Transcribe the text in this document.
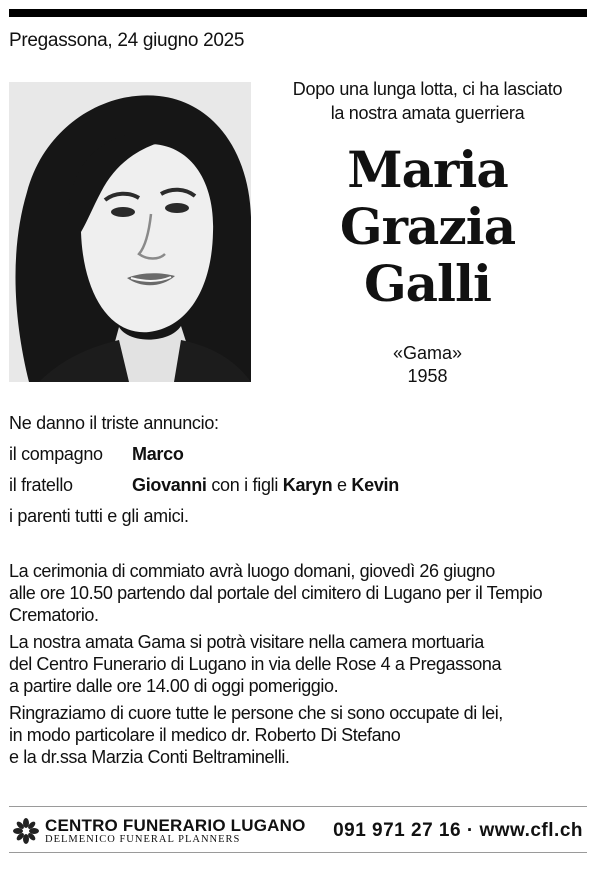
Pregassona, 24 giugno 2025
Dopo una lunga lotta, ci ha lasciato
la nostra amata guerriera
Maria
Grazia
Galli
«Gama»
1958
Ne danno il triste annuncio:
il compagno	Marco
il fratello	Giovanni con i figli Karyn e Kevin
i parenti tutti e gli amici.

La cerimonia di commiato avrà luogo domani, giovedì 26 giugno
alle ore 10.50 partendo dal portale del cimitero di Lugano per il Tempio
Crematorio.

La nostra amata Gama si potrà visitare nella camera mortuaria
del Centro Funerario di Lugano in via delle Rose 4 a Pregassona
a partire dalle ore 14.00 di oggi pomeriggio.

Ringraziamo di cuore tutte le persone che si sono occupate di lei,
in modo particolare il medico dr. Roberto Di Stefano
e la dr.ssa Marzia Conti Beltraminelli.

CENTRO FUNERARIO LUGANO
DELMENICO FUNERAL PLANNERS	091 971 27 16 · www.cfl.ch
